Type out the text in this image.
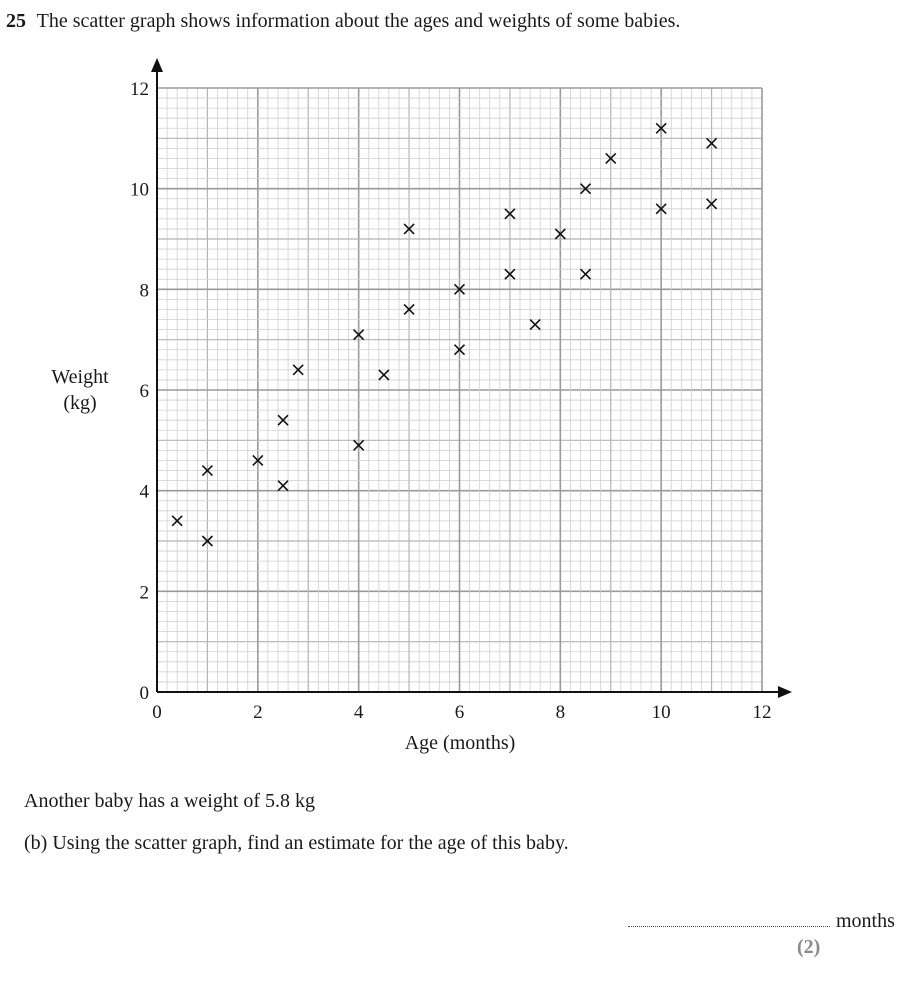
25 The scatter graph shows information about the ages and weights of some babies.
0	2	4	6	8	10	12
0
2
4
6
8
10
12
Weight
(kg)
Age (months)
Another baby has a weight of 5.8 kg
(b) Using the scatter graph, find an estimate for the age of this baby.
months
(2)
